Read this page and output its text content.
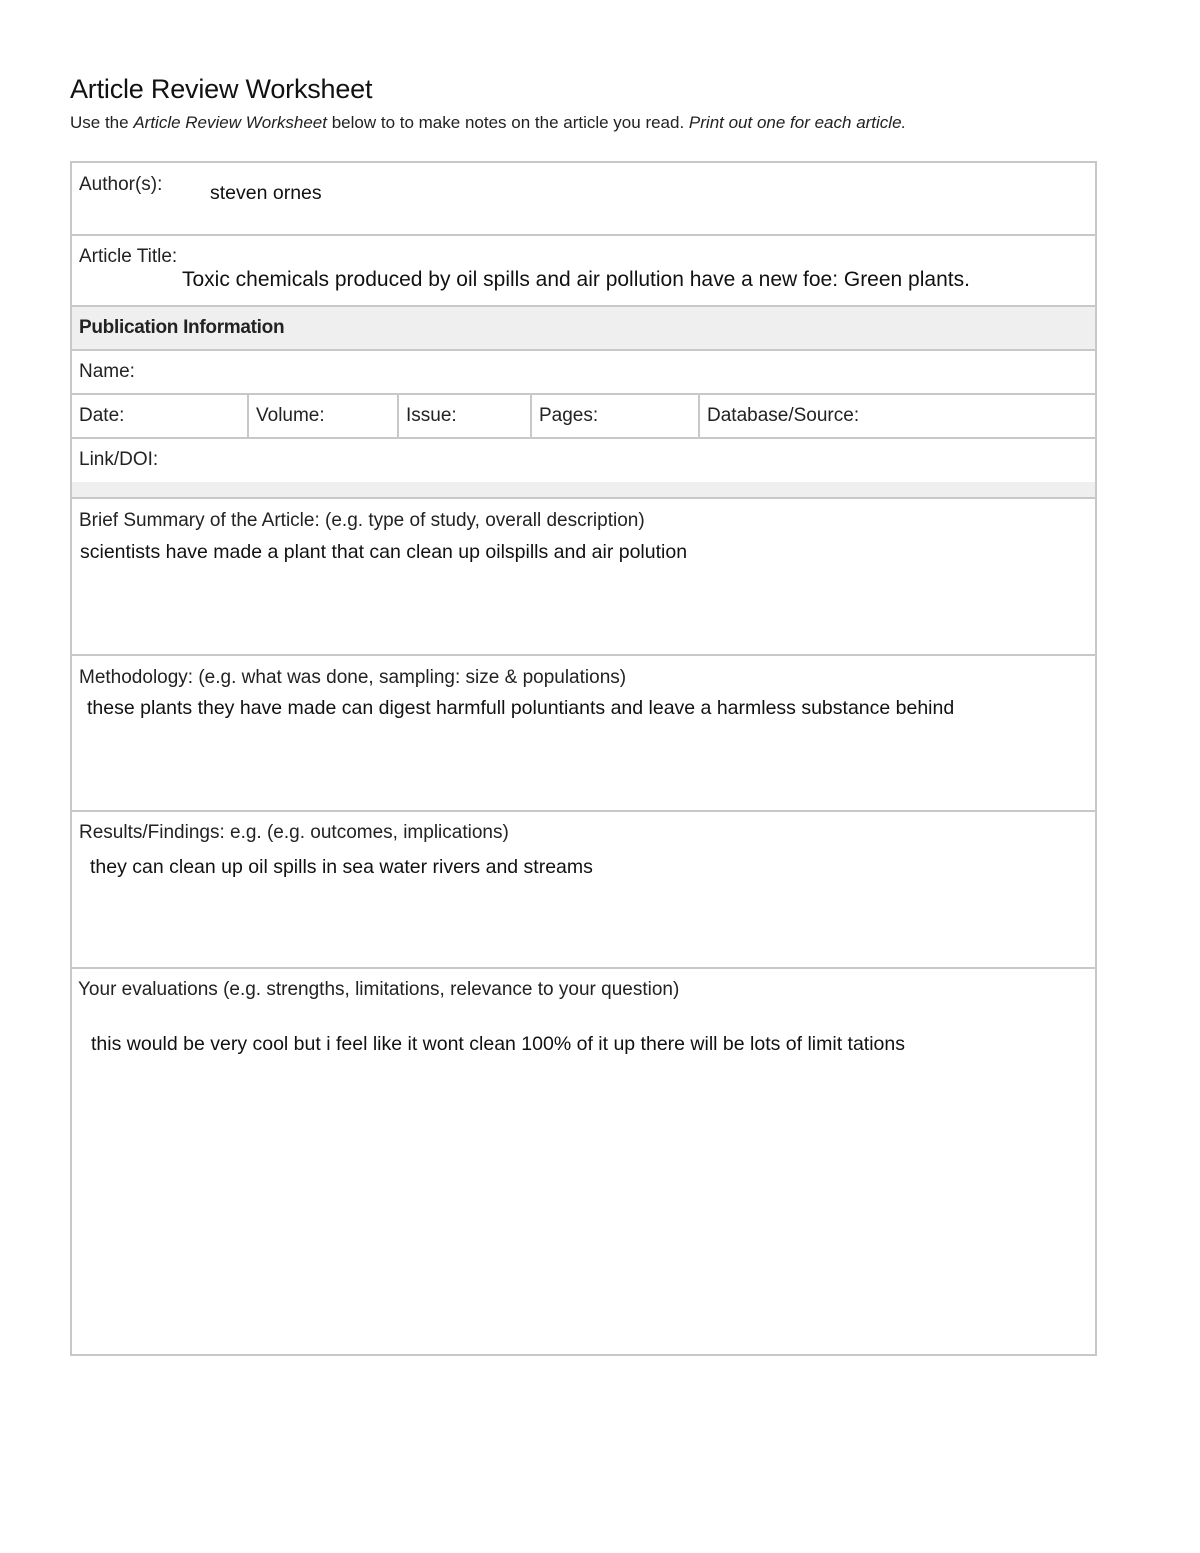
Article Review Worksheet
Use the Article Review Worksheet below to to make notes on the article you read. Print out one for each article.
Author(s): steven ornes
Article Title:
Toxic chemicals produced by oil spills and air pollution have a new foe: Green plants.
Publication Information
Name:
Date:	Volume:	Issue:	Pages:	Database/Source:
Link/DOI:
Brief Summary of the Article: (e.g. type of study, overall description)
scientists have made a plant that can clean up oilspills and air polution
Methodology: (e.g. what was done, sampling: size & populations)
these plants they have made can digest harmfull poluntiants and leave a harmless substance behind
Results/Findings: e.g. (e.g. outcomes, implications)
they can clean up oil spills in sea water rivers and streams
Your evaluations (e.g. strengths, limitations, relevance to your question)
this would be very cool but i feel like it wont clean 100% of it up there will be lots of limit tations
